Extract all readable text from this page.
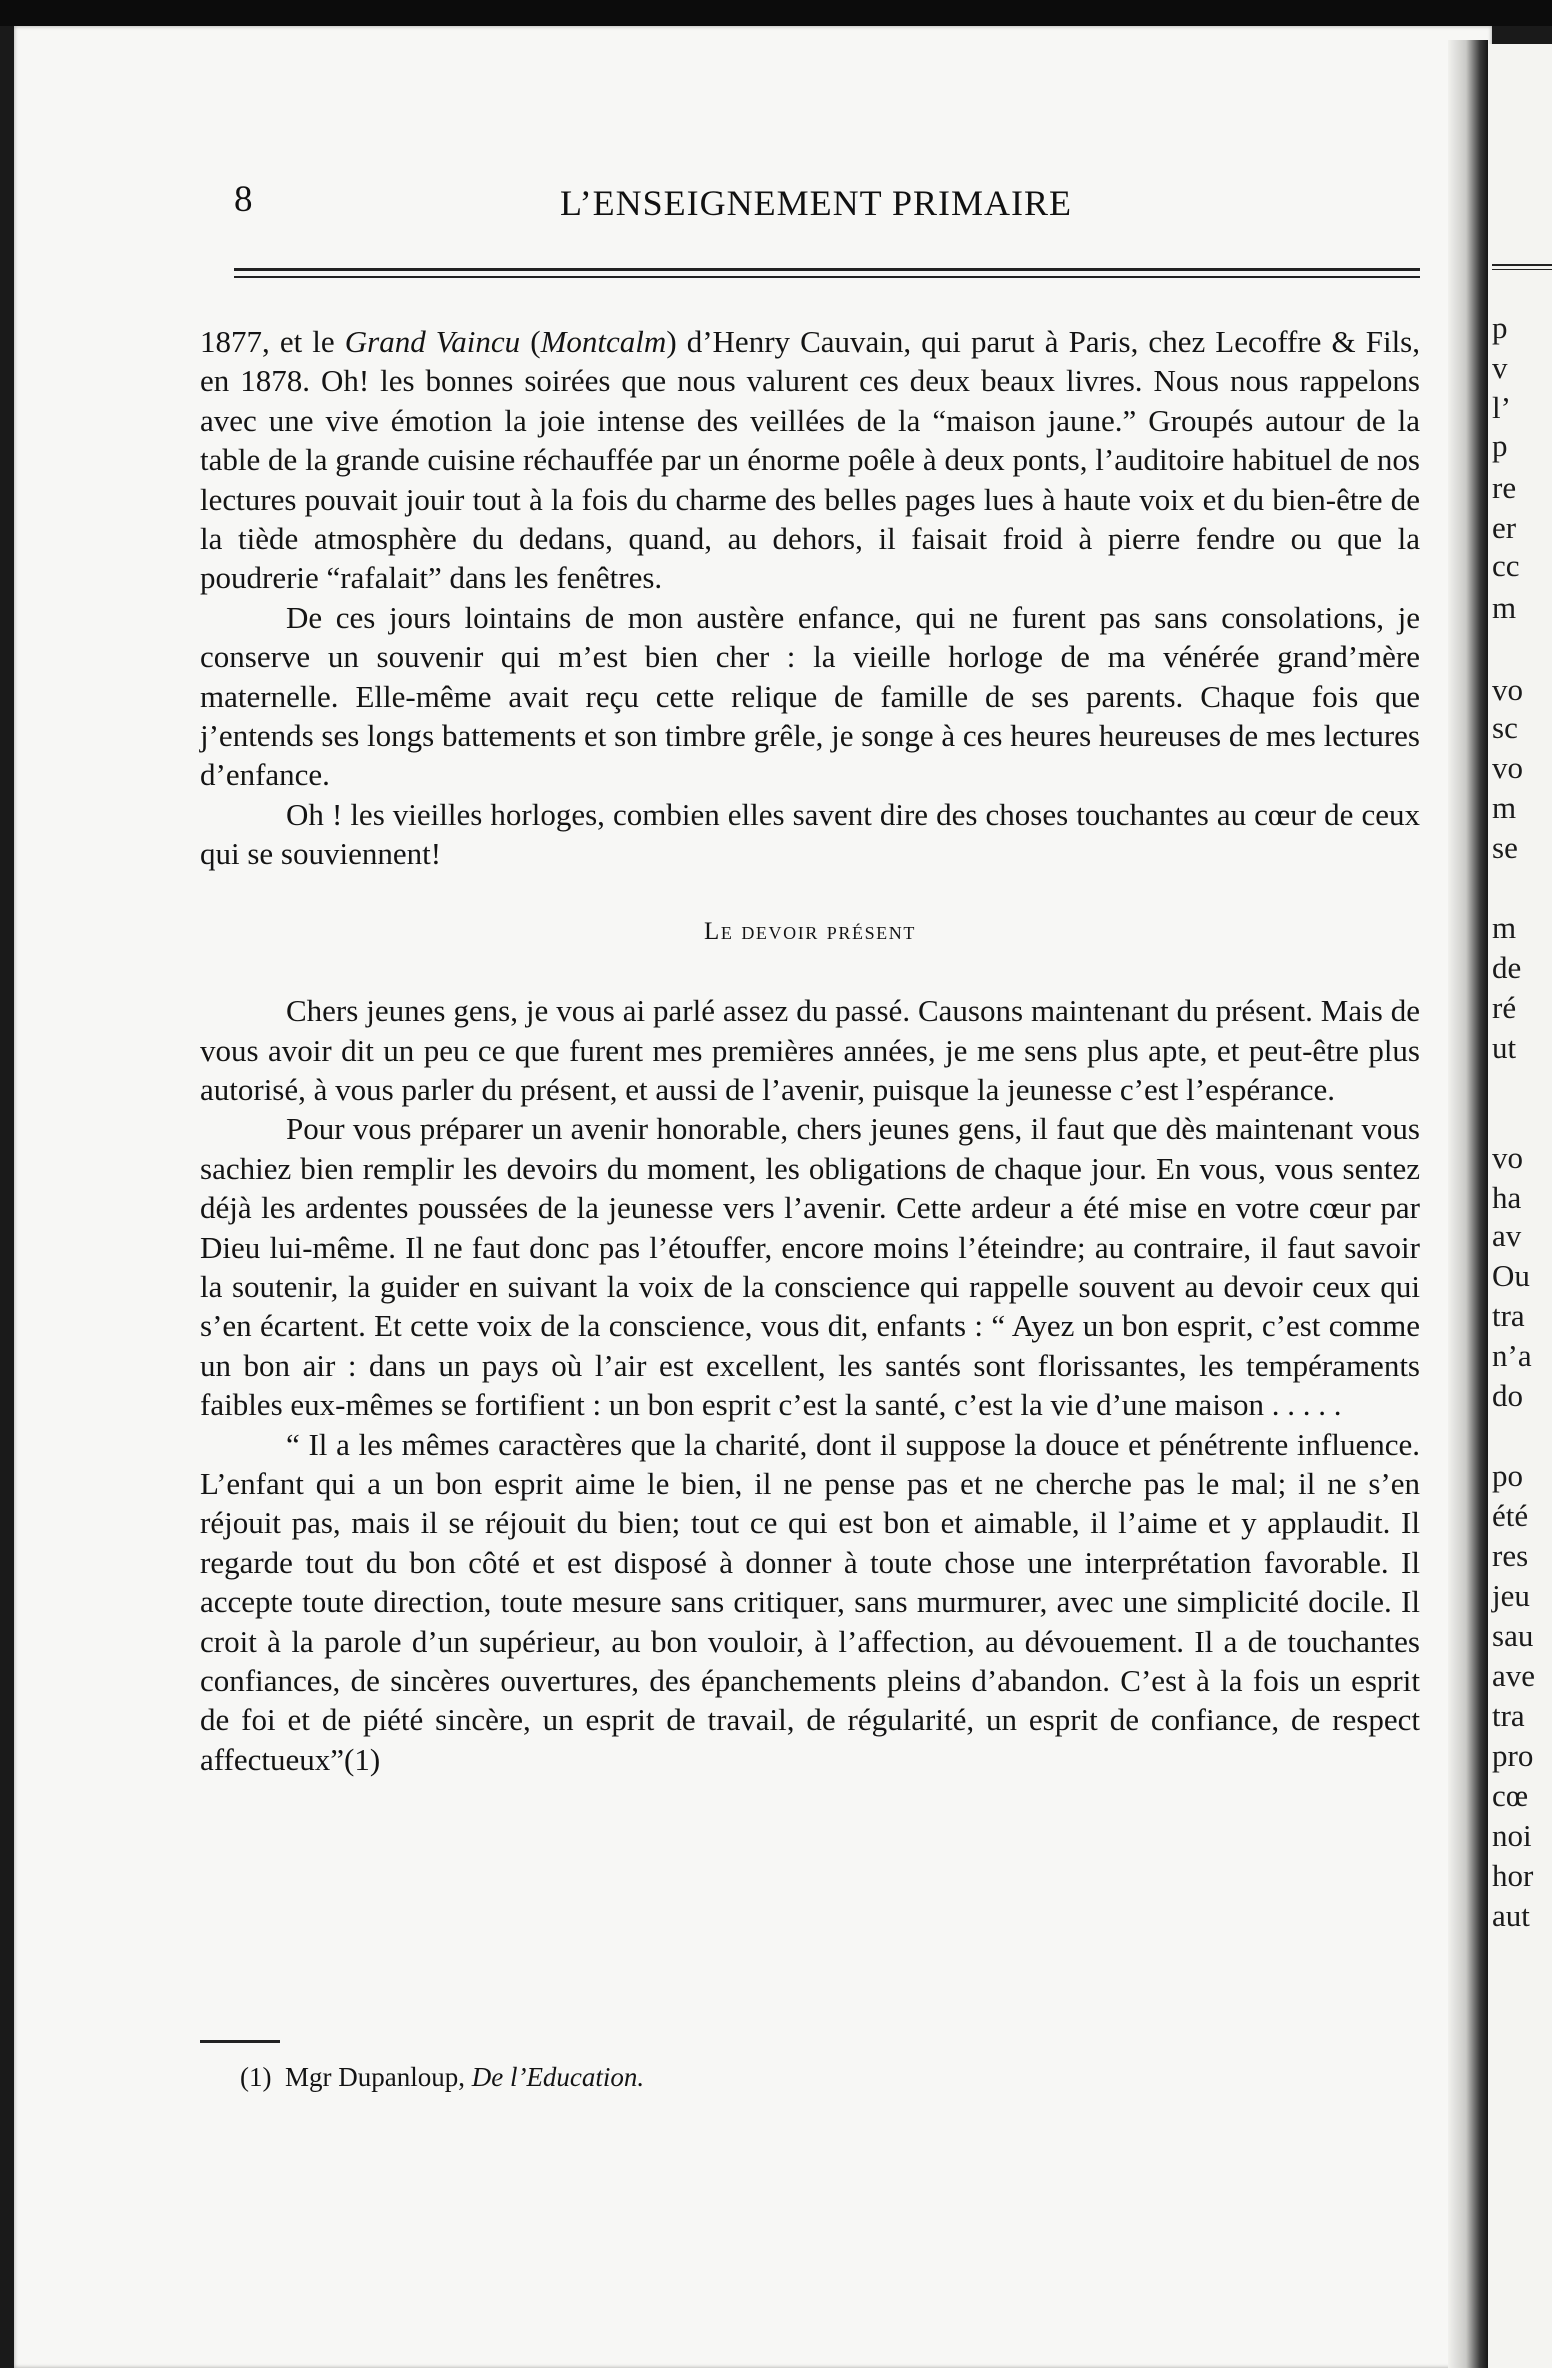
8	L’ENSEIGNEMENT PRIMAIRE

1877, et le Grand Vaincu (Montcalm) d’Henry Cauvain, qui parut à Paris, chez Lecoffre & Fils, en 1878. Oh! les bonnes soirées que nous valurent ces deux beaux livres. Nous nous rappelons avec une vive émotion la joie intense des veillées de la “maison jaune.” Groupés autour de la table de la grande cuisine réchauffée par un énorme poêle à deux ponts, l’auditoire habituel de nos lectures pouvait jouir tout à la fois du charme des belles pages lues à haute voix et du bien-être de la tiède atmosphère du dedans, quand, au dehors, il faisait froid à pierre fendre ou que la poudrerie “rafalait” dans les fenêtres.

De ces jours lointains de mon austère enfance, qui ne furent pas sans consolations, je conserve un souvenir qui m’est bien cher : la vieille horloge de ma vénérée grand’mère maternelle. Elle-même avait reçu cette relique de famille de ses parents. Chaque fois que j’entends ses longs battements et son timbre grêle, je songe à ces heures heureuses de mes lectures d’enfance.

Oh ! les vieilles horloges, combien elles savent dire des choses touchantes au cœur de ceux qui se souviennent!

Le devoir présent

Chers jeunes gens, je vous ai parlé assez du passé. Causons maintenant du présent. Mais de vous avoir dit un peu ce que furent mes premières années, je me sens plus apte, et peut-être plus autorisé, à vous parler du présent, et aussi de l’avenir, puisque la jeunesse c’est l’espérance.

Pour vous préparer un avenir honorable, chers jeunes gens, il faut que dès maintenant vous sachiez bien remplir les devoirs du moment, les obligations de chaque jour. En vous, vous sentez déjà les ardentes poussées de la jeunesse vers l’avenir. Cette ardeur a été mise en votre cœur par Dieu lui-même. Il ne faut donc pas l’étouffer, encore moins l’éteindre; au contraire, il faut savoir la soutenir, la guider en suivant la voix de la conscience qui rappelle souvent au devoir ceux qui s’en écartent. Et cette voix de la conscience, vous dit, enfants : “ Ayez un bon esprit, c’est comme un bon air : dans un pays où l’air est excellent, les santés sont florissantes, les tempéraments faibles eux-mêmes se fortifient : un bon esprit c’est la santé, c’est la vie d’une maison . . . . .

“ Il a les mêmes caractères que la charité, dont il suppose la douce et pénétrente influence. L’enfant qui a un bon esprit aime le bien, il ne pense pas et ne cherche pas le mal; il ne s’en réjouit pas, mais il se réjouit du bien; tout ce qui est bon et aimable, il l’aime et y applaudit. Il regarde tout du bon côté et est disposé à donner à toute chose une interprétation favorable. Il accepte toute direction, toute mesure sans critiquer, sans murmurer, avec une simplicité docile. Il croit à la parole d’un supérieur, au bon vouloir, à l’affection, au dévouement. Il a de touchantes confiances, de sincères ouvertures, des épanchements pleins d’abandon. C’est à la fois un esprit de foi et de piété sincère, un esprit de travail, de régularité, un esprit de confiance, de respect affectueux”(1)

(1) Mgr Dupanloup, De l’Education.
p
v
l’
p
re
er
cc
m
vo
sc
vo
m
se
m
de
ré
ut
vo
ha
av
Ou
tra
n’a
do
po
été
res
jeu
sau
ave
tra
pro
cœ
noi
hor
aut
